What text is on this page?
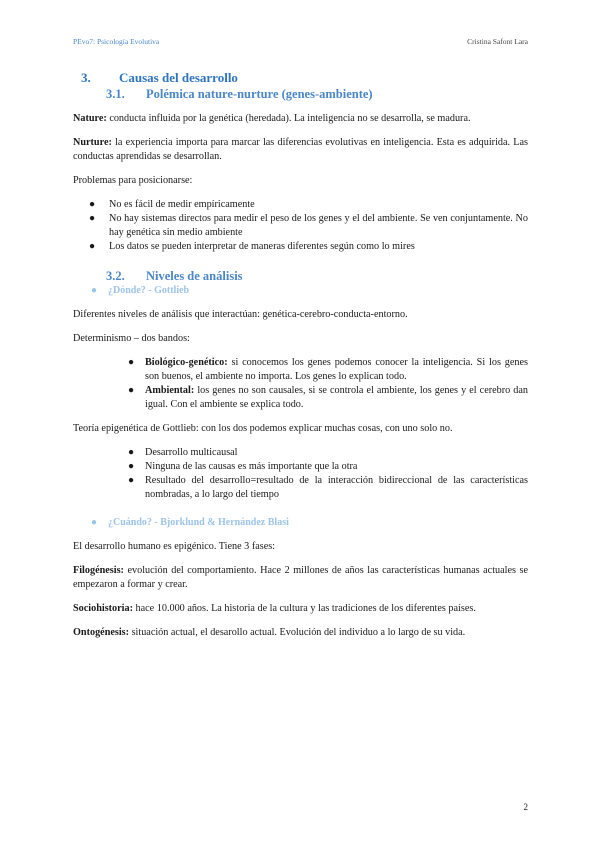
PEvo7: Psicología Evolutiva	Cristina Safont Lara
3. Causas del desarrollo
3.1. Polémica nature-nurture (genes-ambiente)

Nature: conducta influida por la genética (heredada). La inteligencia no se desarrolla, se madura.

Nurture: la experiencia importa para marcar las diferencias evolutivas en inteligencia. Esta es adquirida. Las conductas aprendidas se desarrollan.

Problemas para posicionarse:

● No es fácil de medir empíricamente
● No hay sistemas directos para medir el peso de los genes y el del ambiente. Se ven conjuntamente. No hay genética sin medio ambiente
● Los datos se pueden interpretar de maneras diferentes según como lo mires
3.2. Niveles de análisis
● ¿Dónde? - Gottlieb

Diferentes niveles de análisis que interactúan: genética-cerebro-conducta-entorno.

Determinismo – dos bandos:

● Biológico-genético: si conocemos los genes podemos conocer la inteligencia. Si los genes son buenos, el ambiente no importa. Los genes lo explican todo.
● Ambiental: los genes no son causales, si se controla el ambiente, los genes y el cerebro dan igual. Con el ambiente se explica todo.

Teoría epigenética de Gottlieb: con los dos podemos explicar muchas cosas, con uno solo no.

● Desarrollo multicausal
● Ninguna de las causas es más importante que la otra
● Resultado del desarrollo=resultado de la interacción bidireccional de las características nombradas, a lo largo del tiempo
● ¿Cuándo? - Bjorklund & Hernández Blasi

El desarrollo humano es epigénico. Tiene 3 fases:

Filogénesis: evolución del comportamiento. Hace 2 millones de años las características humanas actuales se empezaron a formar y crear.

Sociohistoria: hace 10.000 años. La historia de la cultura y las tradiciones de los diferentes países.

Ontogénesis: situación actual, el desarollo actual. Evolución del individuo a lo largo de su vida.

2
